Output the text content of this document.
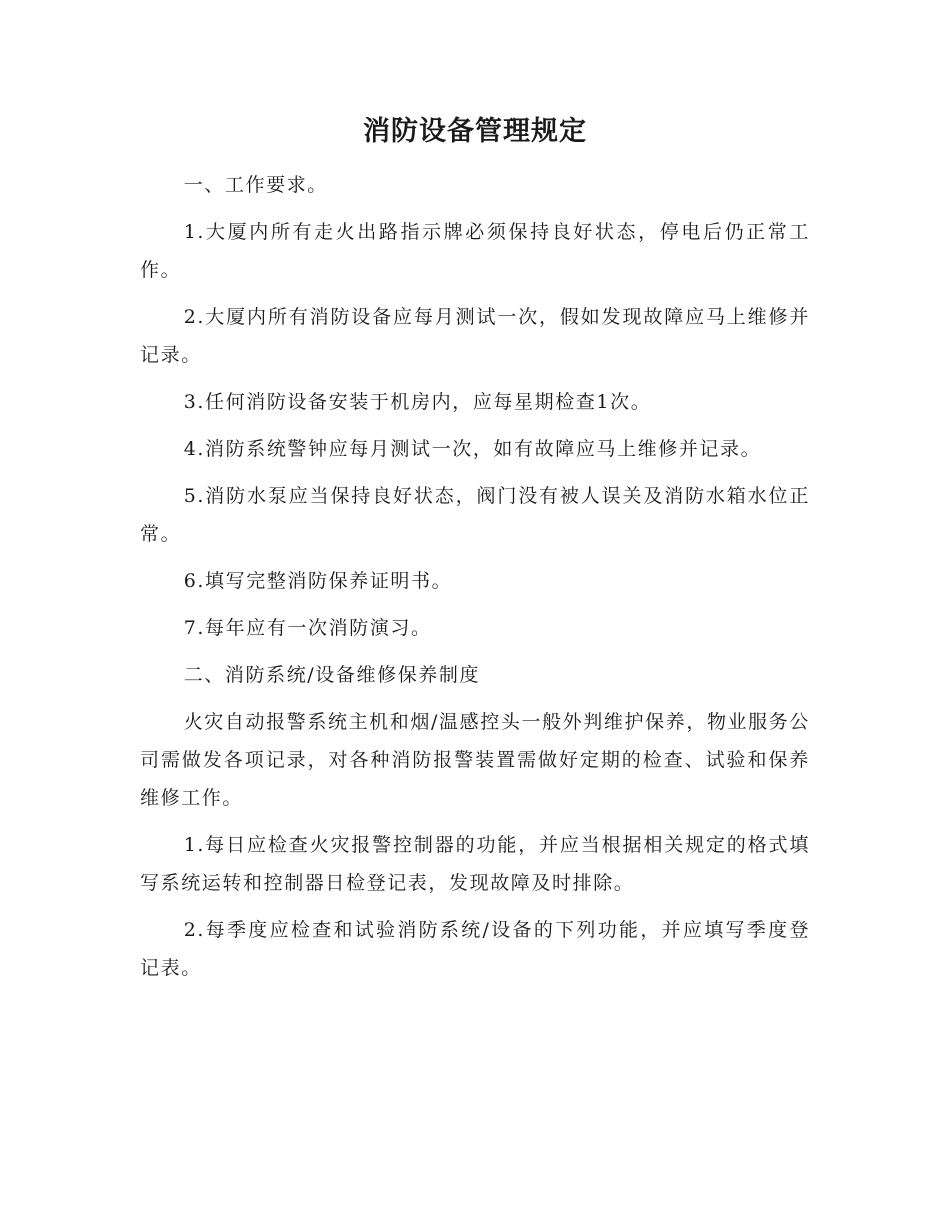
消防设备管理规定

一、工作要求。

1.大厦内所有走火出路指示牌必须保持良好状态，停电后仍正常工作。

2.大厦内所有消防设备应每月测试一次，假如发现故障应马上维修并记录。

3.任何消防设备安装于机房内，应每星期检查1次。

4.消防系统警钟应每月测试一次，如有故障应马上维修并记录。

5.消防水泵应当保持良好状态，阀门没有被人误关及消防水箱水位正常。

6.填写完整消防保养证明书。

7.每年应有一次消防演习。

二、消防系统/设备维修保养制度

火灾自动报警系统主机和烟/温感控头一般外判维护保养，物业服务公司需做发各项记录，对各种消防报警装置需做好定期的检查、试验和保养维修工作。

1.每日应检查火灾报警控制器的功能，并应当根据相关规定的格式填写系统运转和控制器日检登记表，发现故障及时排除。

2.每季度应检查和试验消防系统/设备的下列功能，并应填写季度登记表。
